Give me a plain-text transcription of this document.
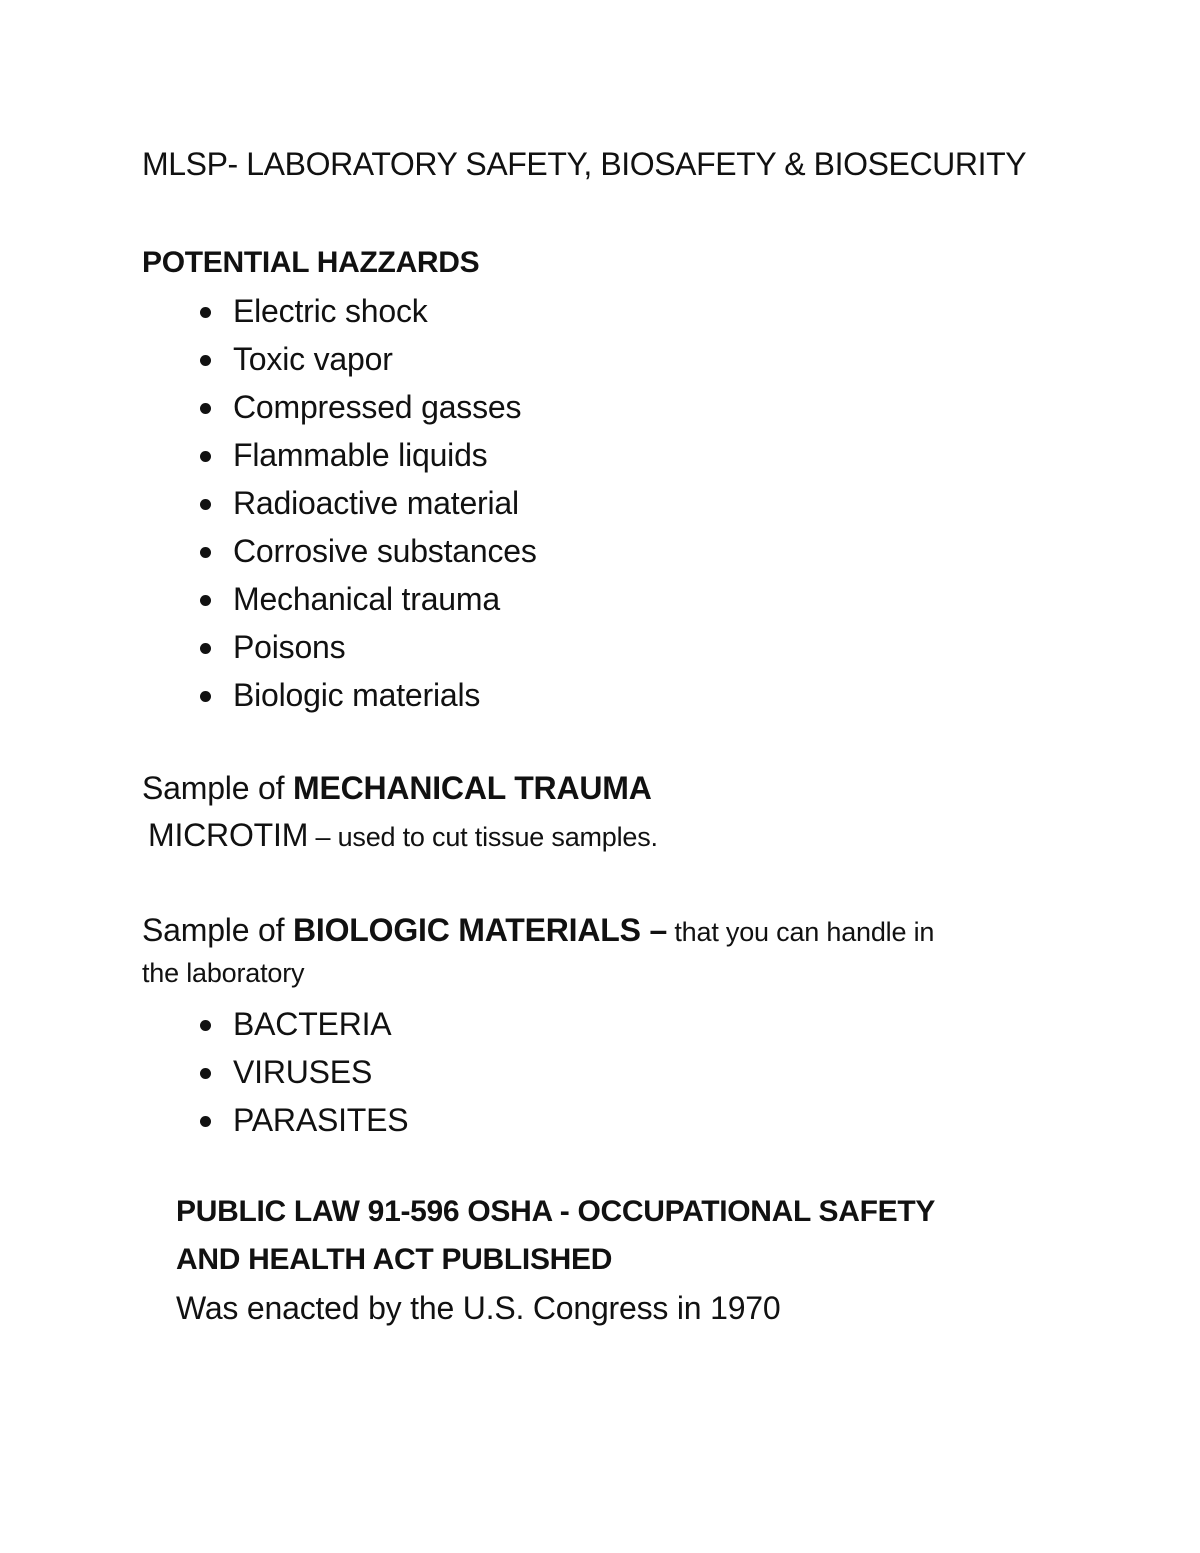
MLSP- LABORATORY SAFETY, BIOSAFETY & BIOSECURITY
POTENTIAL HAZZARDS
Electric shock
Toxic vapor
Compressed gasses
Flammable liquids
Radioactive material
Corrosive substances
Mechanical trauma
Poisons
Biologic materials
Sample of MECHANICAL TRAUMA
MICROTIM – used to cut tissue samples.
Sample of BIOLOGIC MATERIALS – that you can handle in
the laboratory
BACTERIA
VIRUSES
PARASITES
PUBLIC LAW 91-596 OSHA - OCCUPATIONAL SAFETY
AND HEALTH ACT PUBLISHED
Was enacted by the U.S. Congress in 1970
